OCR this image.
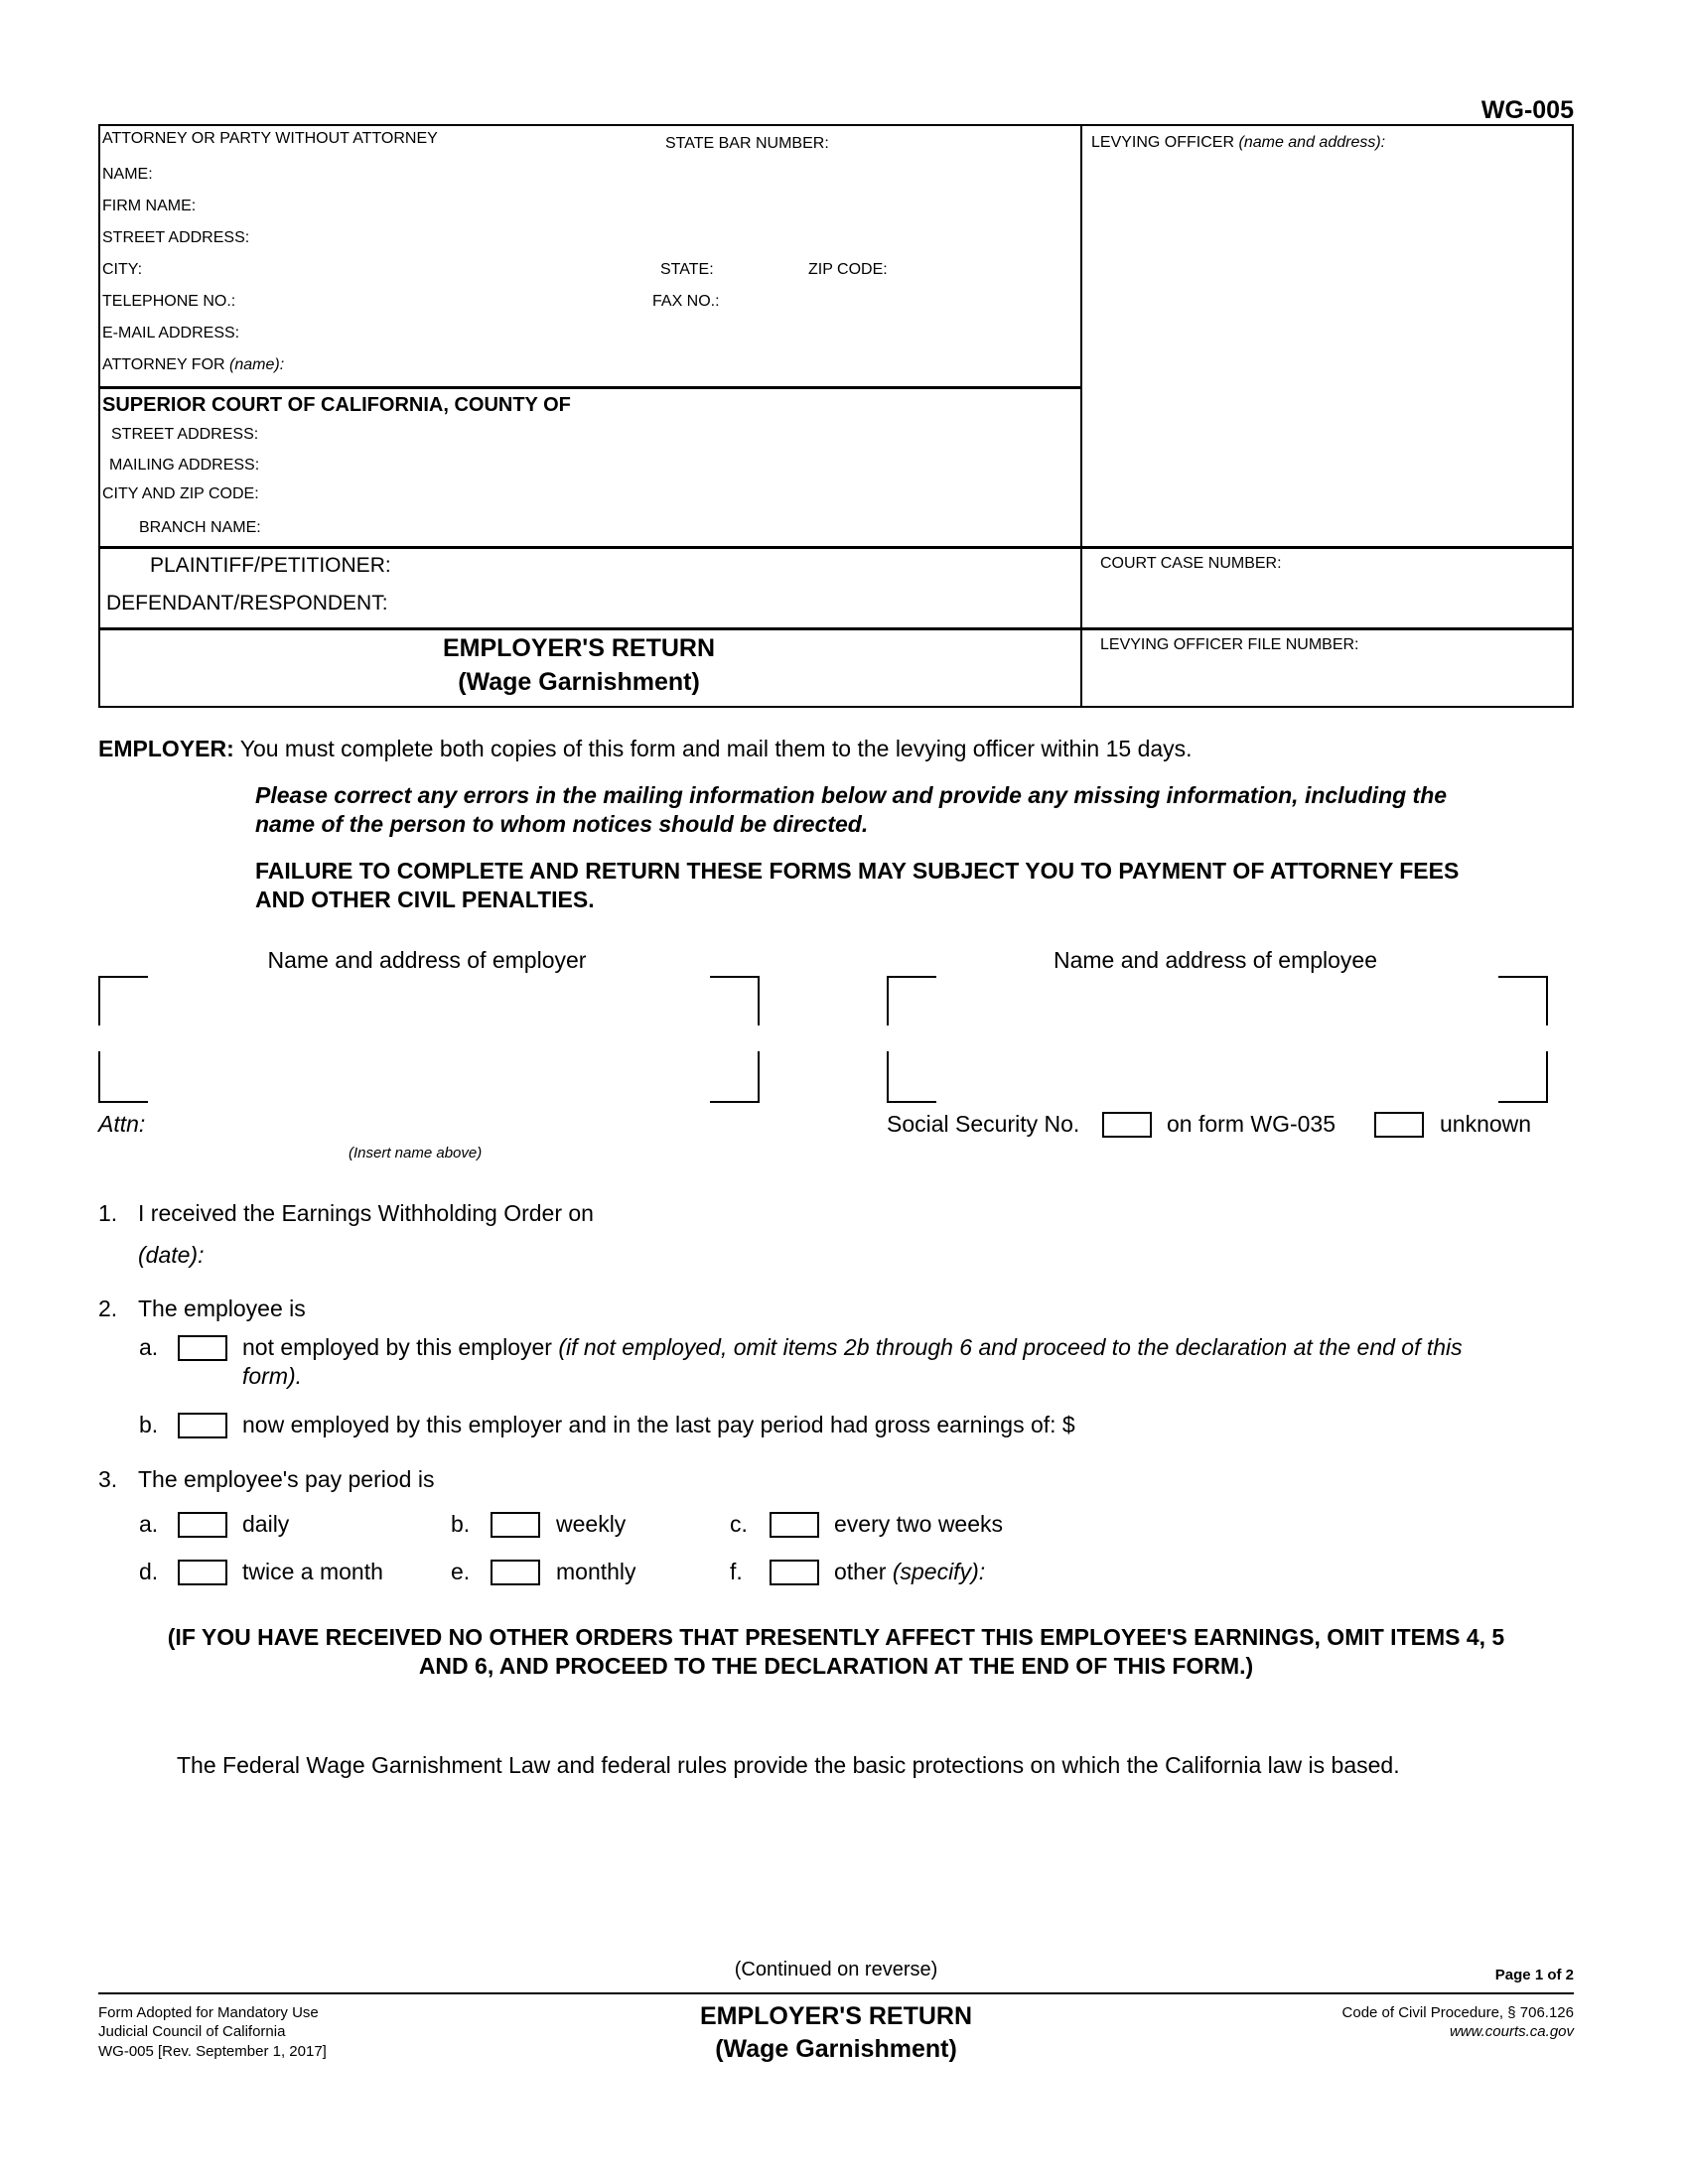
WG-005
ATTORNEY OR PARTY WITHOUT ATTORNEY	STATE BAR NUMBER:
NAME:
FIRM NAME:
STREET ADDRESS:
CITY:	STATE:	ZIP CODE:
TELEPHONE NO.:	FAX NO.:
E-MAIL ADDRESS:
ATTORNEY FOR (name):
LEVYING OFFICER (name and address):
SUPERIOR COURT OF CALIFORNIA, COUNTY OF
STREET ADDRESS:
MAILING ADDRESS:
CITY AND ZIP CODE:
BRANCH NAME:
PLAINTIFF/PETITIONER:
DEFENDANT/RESPONDENT:
COURT CASE NUMBER:
LEVYING OFFICER FILE NUMBER:
EMPLOYER'S RETURN
(Wage Garnishment)
EMPLOYER: You must complete both copies of this form and mail them to the levying officer within 15 days.
Please correct any errors in the mailing information below and provide any missing information, including the
name of the person to whom notices should be directed.
FAILURE TO COMPLETE AND RETURN THESE FORMS MAY SUBJECT YOU TO PAYMENT OF ATTORNEY FEES
AND OTHER CIVIL PENALTIES.
Name and address of employer	Name and address of employee
Attn:
(Insert name above)
Social Security No.	on form WG-035	unknown
1. I received the Earnings Withholding Order on
(date):
2. The employee is
a.	not employed by this employer (if not employed, omit items 2b through 6 and proceed to the declaration at the end of this
form).
b.	now employed by this employer and in the last pay period had gross earnings of: $
3. The employee's pay period is
a.	daily	b.	weekly	c.	every two weeks
d.	twice a month	e.	monthly	f.	other (specify):
(IF YOU HAVE RECEIVED NO OTHER ORDERS THAT PRESENTLY AFFECT THIS EMPLOYEE'S EARNINGS, OMIT ITEMS 4, 5
AND 6, AND PROCEED TO THE DECLARATION AT THE END OF THIS FORM.)
The Federal Wage Garnishment Law and federal rules provide the basic protections on which the California law is based.
(Continued on reverse)	Page 1 of 2
Form Adopted for Mandatory Use
Judicial Council of California
WG-005 [Rev. September 1, 2017]
EMPLOYER'S RETURN
(Wage Garnishment)
Code of Civil Procedure, § 706.126
www.courts.ca.gov
